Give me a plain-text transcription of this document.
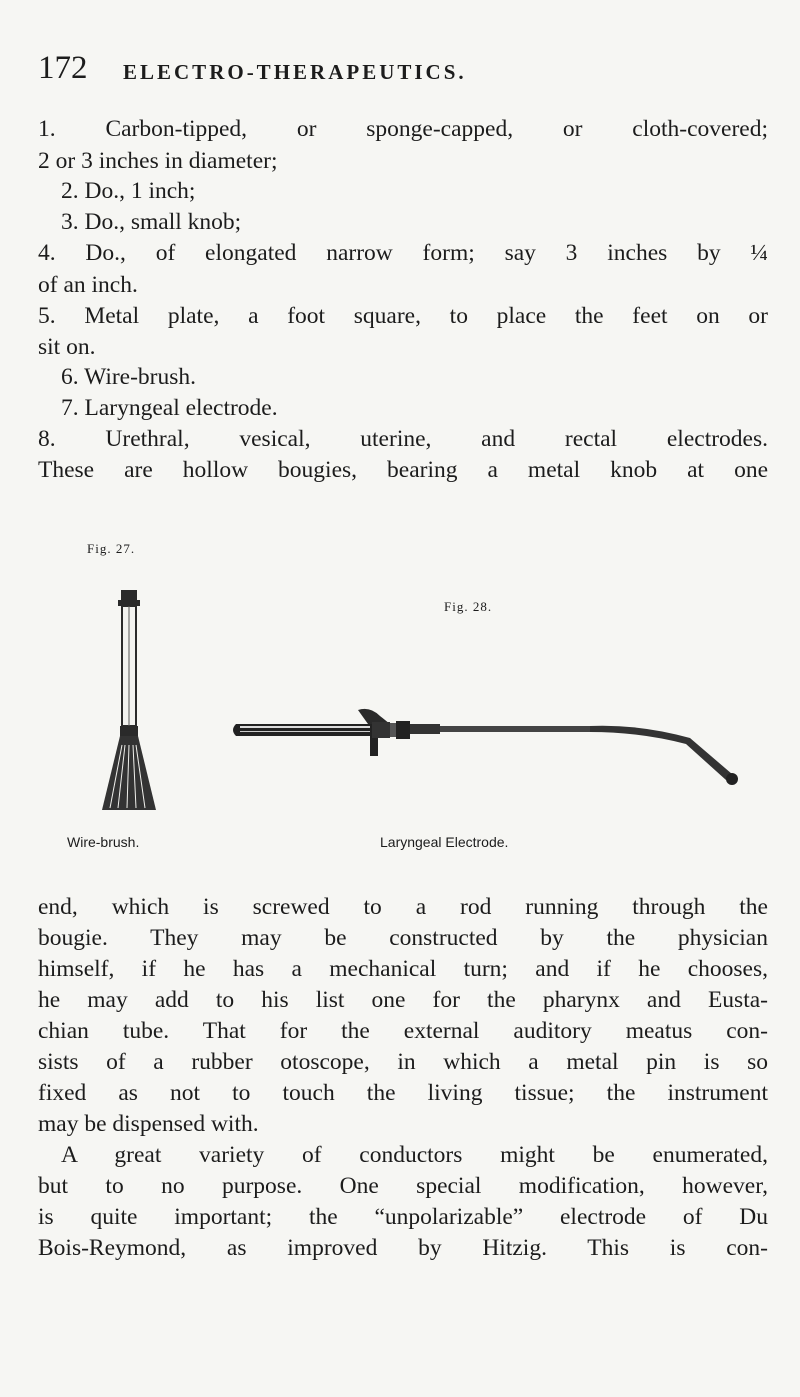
172 ELECTRO-THERAPEUTICS.
1. Carbon-tipped, or sponge-capped, or cloth-covered;
2 or 3 inches in diameter;
2. Do., 1 inch;
3. Do., small knob;
4. Do., of elongated narrow form; say 3 inches by ¼
of an inch.
5. Metal plate, a foot square, to place the feet on or
sit on.
6. Wire-brush.
7. Laryngeal electrode.
8. Urethral, vesical, uterine, and rectal electrodes.
These are hollow bougies, bearing a metal knob at one
Fig. 27.
Fig. 28.
Wire-brush.	Laryngeal Electrode.
end, which is screwed to a rod running through the
bougie. They may be constructed by the physician
himself, if he has a mechanical turn; and if he chooses,
he may add to his list one for the pharynx and Eusta-
chian tube. That for the external auditory meatus con-
sists of a rubber otoscope, in which a metal pin is so
fixed as not to touch the living tissue; the instrument
may be dispensed with.
A great variety of conductors might be enumerated,
but to no purpose. One special modification, however,
is quite important; the “unpolarizable” electrode of Du
Bois-Reymond, as improved by Hitzig. This is con-
